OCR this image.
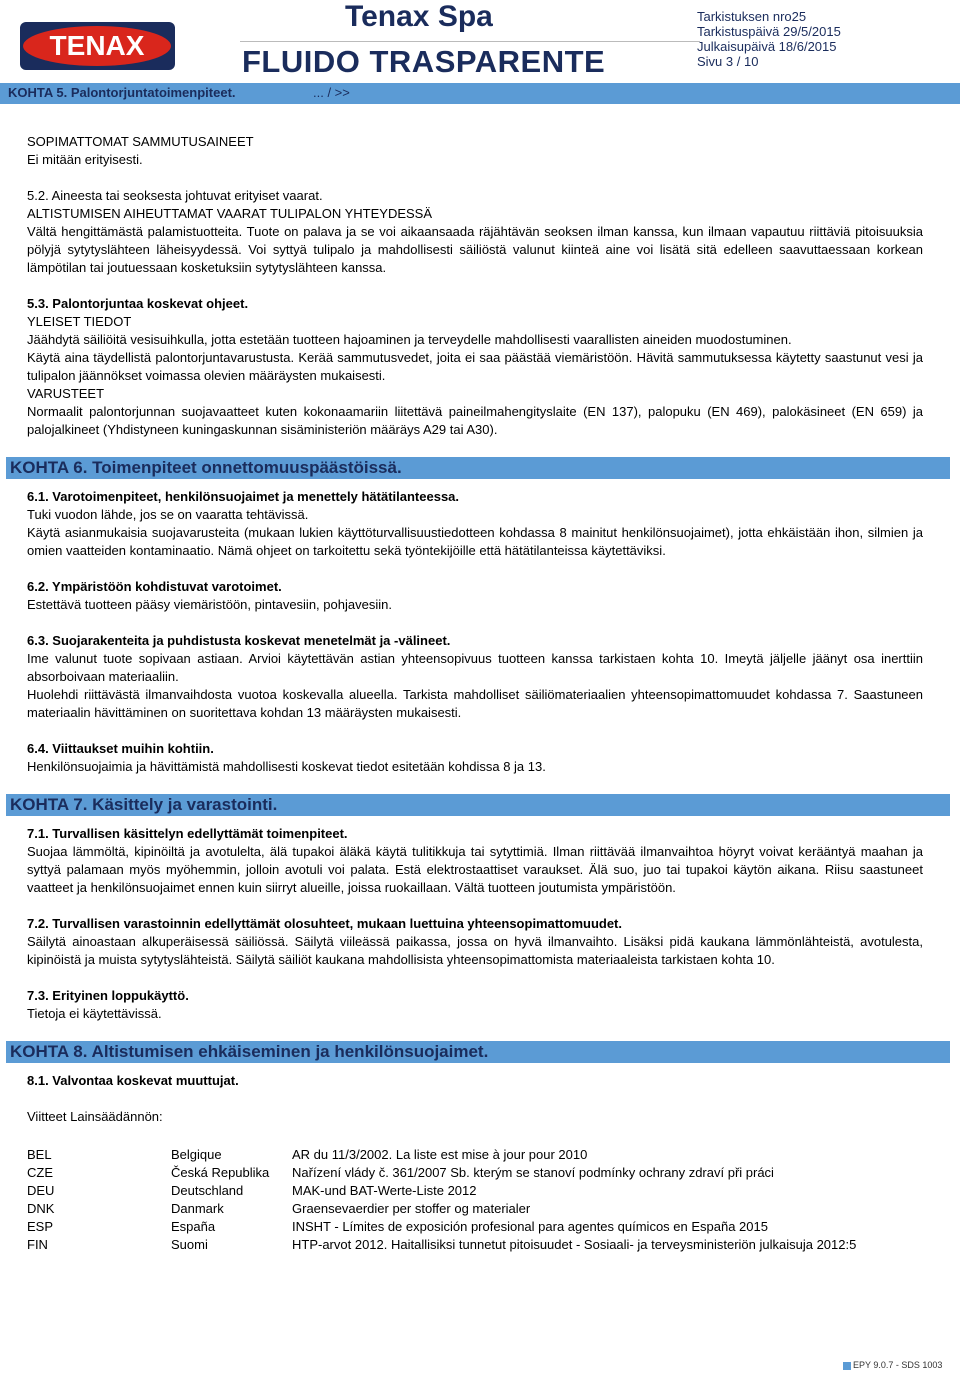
TENAX
Tenax Spa
FLUIDO TRASPARENTE
Tarkistuksen nro25
Tarkistuspäivä 29/5/2015
Julkaisupäivä 18/6/2015
Sivu 3 / 10
KOHTA 5. Palontorjuntatoimenpiteet.	... / >>

SOPIMATTOMAT SAMMUTUSAINEET

Ei mitään erityisesti.

5.2. Aineesta tai seoksesta johtuvat erityiset vaarat.

ALTISTUMISEN AIHEUTTAMAT VAARAT TULIPALON YHTEYDESSÄ

Vältä hengittämästä palamistuotteita. Tuote on palava ja se voi aikaansaada räjähtävän seoksen ilman kanssa, kun ilmaan vapautuu riittäviä pitoisuuksia pölyjä sytytyslähteen läheisyydessä. Voi syttyä tulipalo ja mahdollisesti säiliöstä valunut kiinteä aine voi lisätä sitä edelleen saavuttaessaan korkean lämpötilan tai joutuessaan kosketuksiin sytytyslähteen kanssa.

5.3. Palontorjuntaa koskevat ohjeet.

YLEISET TIEDOT

Jäähdytä säiliöitä vesisuihkulla, jotta estetään tuotteen hajoaminen ja terveydelle mahdollisesti vaarallisten aineiden muodostuminen.

Käytä aina täydellistä palontorjuntavarustusta. Kerää sammutusvedet, joita ei saa päästää viemäristöön. Hävitä sammutuksessa käytetty saastunut vesi ja tulipalon jäännökset voimassa olevien määräysten mukaisesti.

VARUSTEET

Normaalit palontorjunnan suojavaatteet kuten kokonaamariin liitettävä paineilmahengityslaite (EN 137), palopuku (EN 469), palokäsineet (EN 659) ja palojalkineet (Yhdistyneen kuningaskunnan sisäministeriön määräys A29 tai A30).

KOHTA 6. Toimenpiteet onnettomuuspäästöissä.

6.1. Varotoimenpiteet, henkilönsuojaimet ja menettely hätätilanteessa.

Tuki vuodon lähde, jos se on vaaratta tehtävissä.

Käytä asianmukaisia suojavarusteita (mukaan lukien käyttöturvallisuustiedotteen kohdassa 8 mainitut henkilönsuojaimet), jotta ehkäistään ihon, silmien ja omien vaatteiden kontaminaatio. Nämä ohjeet on tarkoitettu sekä työntekijöille että hätätilanteissa käytettäviksi.

6.2. Ympäristöön kohdistuvat varotoimet.

Estettävä tuotteen pääsy viemäristöön, pintavesiin, pohjavesiin.

6.3. Suojarakenteita ja puhdistusta koskevat menetelmät ja -välineet.

Ime valunut tuote sopivaan astiaan. Arvioi käytettävän astian yhteensopivuus tuotteen kanssa tarkistaen kohta 10. Imeytä jäljelle jäänyt osa inerttiin absorboivaan materiaaliin.

Huolehdi riittävästä ilmanvaihdosta vuotoa koskevalla alueella. Tarkista mahdolliset säiliömateriaalien yhteensopimattomuudet kohdassa 7. Saastuneen materiaalin hävittäminen on suoritettava kohdan 13 määräysten mukaisesti.

6.4. Viittaukset muihin kohtiin.

Henkilönsuojaimia ja hävittämistä mahdollisesti koskevat tiedot esitetään kohdissa 8 ja 13.

KOHTA 7. Käsittely ja varastointi.

7.1. Turvallisen käsittelyn edellyttämät toimenpiteet.

Suojaa lämmöltä, kipinöiltä ja avotulelta, älä tupakoi äläkä käytä tulitikkuja tai sytyttimiä. Ilman riittävää ilmanvaihtoa höyryt voivat kerääntyä maahan ja syttyä palamaan myös myöhemmin, jolloin avotuli voi palata. Estä elektrostaattiset varaukset. Älä suo, juo tai tupakoi käytön aikana. Riisu saastuneet vaatteet ja henkilönsuojaimet ennen kuin siirryt alueille, joissa ruokaillaan. Vältä tuotteen joutumista ympäristöön.

7.2. Turvallisen varastoinnin edellyttämät olosuhteet, mukaan luettuina yhteensopimattomuudet.

Säilytä ainoastaan alkuperäisessä säiliössä. Säilytä viileässä paikassa, jossa on hyvä ilmanvaihto. Lisäksi pidä kaukana lämmönlähteistä, avotulesta, kipinöistä ja muista sytytyslähteistä. Säilytä säiliöt kaukana mahdollisista yhteensopimattomista materiaaleista tarkistaen kohta 10.

7.3. Erityinen loppukäyttö.

Tietoja ei käytettävissä.

KOHTA 8. Altistumisen ehkäiseminen ja henkilönsuojaimet.

8.1. Valvontaa koskevat muuttujat.

Viitteet Lainsäädännön:

BEL	Belgique	AR du 11/3/2002. La liste est mise à jour pour 2010
CZE	Česká Republika	Nařízení vlády č. 361/2007 Sb. kterým se stanoví podmínky ochrany zdraví při práci
DEU	Deutschland	MAK-und BAT-Werte-Liste 2012
DNK	Danmark	Graensevaerdier per stoffer og materialer
ESP	España	INSHT - Límites de exposición profesional para agentes químicos en España 2015
FIN	Suomi	HTP-arvot 2012. Haitallisiksi tunnetut pitoisuudet - Sosiaali- ja terveysministeriön julkaisuja 2012:5
EPY 9.0.7 - SDS 1003
